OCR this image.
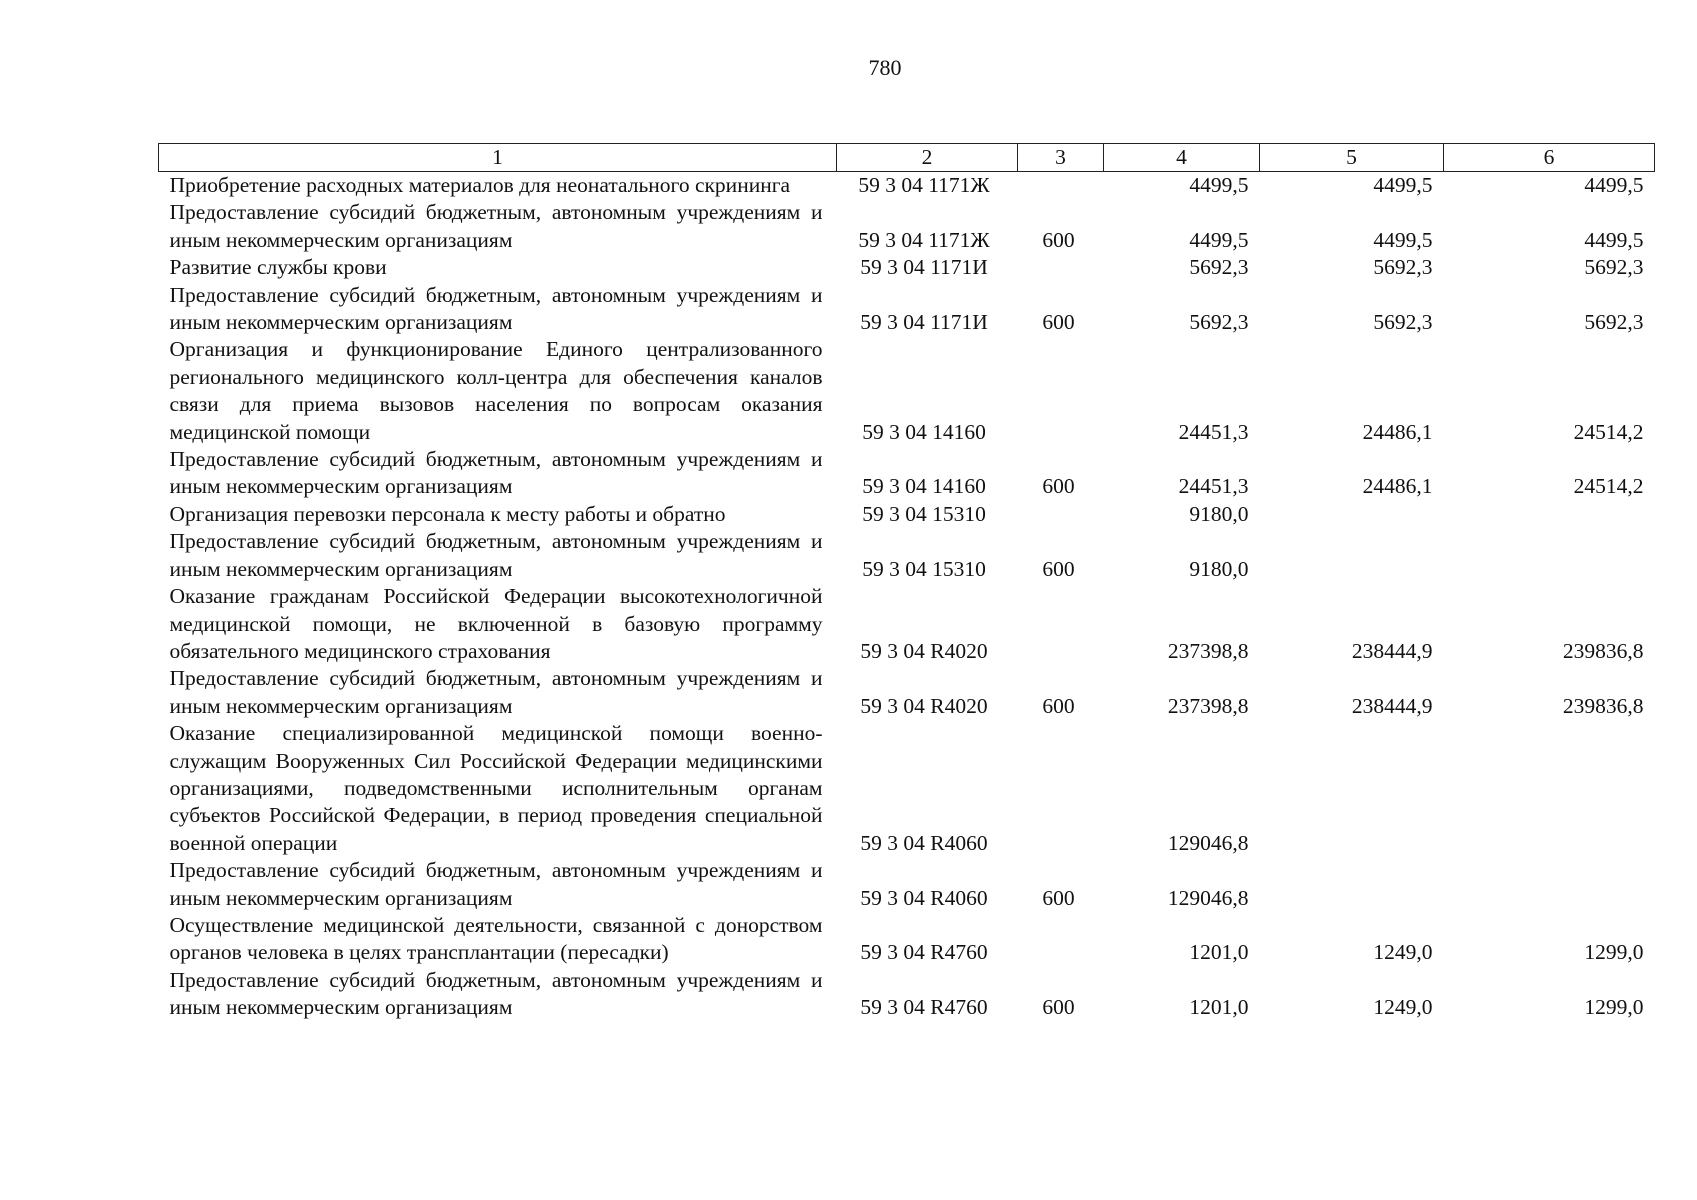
780
1	2	3	4	5	6
Приобретение расходных материалов для неонатального скрининга	59 3 04 1171Ж		4499,5	4499,5	4499,5
Предоставление субсидий бюджетным, автономным учреждениям и иным некоммерческим организациям	59 3 04 1171Ж	600	4499,5	4499,5	4499,5
Развитие службы крови	59 3 04 1171И		5692,3	5692,3	5692,3
Предоставление субсидий бюджетным, автономным учреждениям и иным некоммерческим организациям	59 3 04 1171И	600	5692,3	5692,3	5692,3
Организация и функционирование Единого централизованного регионального медицинского колл-центра для обеспечения каналов связи для приема вызовов населения по вопросам оказания медицинской помощи	59 3 04 14160		24451,3	24486,1	24514,2
Предоставление субсидий бюджетным, автономным учреждениям и иным некоммерческим организациям	59 3 04 14160	600	24451,3	24486,1	24514,2
Организация перевозки персонала к месту работы и обратно	59 3 04 15310		9180,0		
Предоставление субсидий бюджетным, автономным учреждениям и иным некоммерческим организациям	59 3 04 15310	600	9180,0		
Оказание гражданам Российской Федерации высокотехнологичной медицинской помощи, не включенной в базовую программу обязательного медицинского страхования	59 3 04 R4020		237398,8	238444,9	239836,8
Предоставление субсидий бюджетным, автономным учреждениям и иным некоммерческим организациям	59 3 04 R4020	600	237398,8	238444,9	239836,8
Оказание специализированной медицинской помощи военнослужащим Вооруженных Сил Российской Федерации медицинскими организациями, подведомственными исполнительным органам субъектов Российской Федерации, в период проведения специальной военной операции	59 3 04 R4060		129046,8		
Предоставление субсидий бюджетным, автономным учреждениям и иным некоммерческим организациям	59 3 04 R4060	600	129046,8		
Осуществление медицинской деятельности, связанной с донорством органов человека в целях трансплантации (пересадки)	59 3 04 R4760		1201,0	1249,0	1299,0
Предоставление субсидий бюджетным, автономным учреждениям и иным некоммерческим организациям	59 3 04 R4760	600	1201,0	1249,0	1299,0
